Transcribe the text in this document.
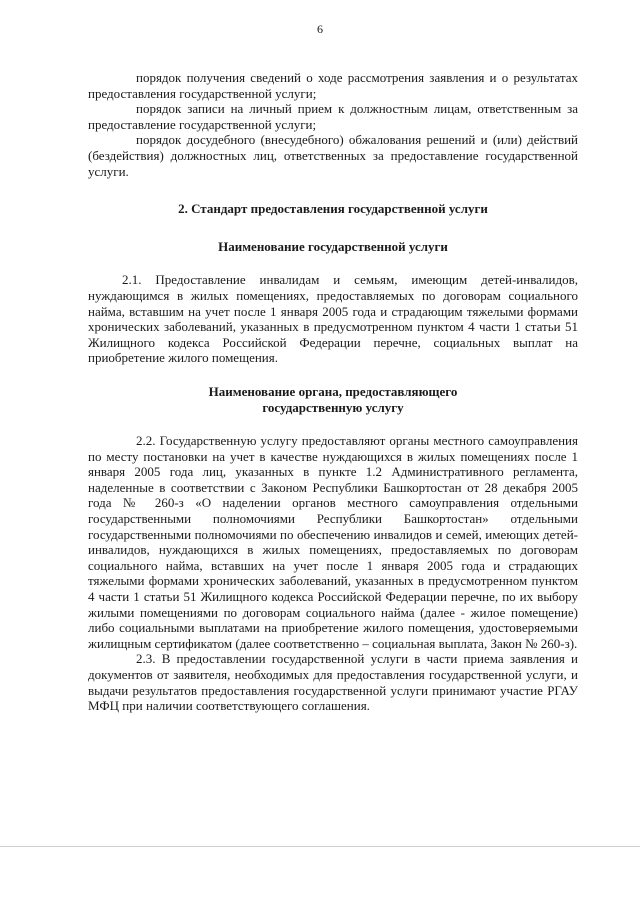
6

порядок получения сведений о ходе рассмотрения заявления и о результатах предоставления государственной услуги;

порядок записи на личный прием к должностным лицам, ответственным за предоставление государственной услуги;

порядок досудебного (внесудебного) обжалования решений и (или) действий (бездействия) должностных лиц, ответственных за предоставление государственной услуги.

2. Стандарт предоставления государственной услуги
Наименование государственной услуги

2.1. Предоставление инвалидам и семьям, имеющим детей-инвалидов, нуждающимся в жилых помещениях, предоставляемых по договорам социального найма, вставшим на учет после 1 января 2005 года и страдающим тяжелыми формами хронических заболеваний, указанных в предусмотренном пунктом 4 части 1 статьи 51 Жилищного кодекса Российской Федерации перечне, социальных выплат на приобретение жилого помещения.

Наименование органа, предоставляющего
государственную услугу

2.2. Государственную услугу предоставляют органы местного самоуправления по месту постановки на учет в качестве нуждающихся в жилых помещениях после 1 января 2005 года лиц, указанных в пункте 1.2 Административного регламента, наделенные в соответствии с Законом Республики Башкортостан от 28 декабря 2005 года № 260-з «О наделении органов местного самоуправления отдельными государственными полномочиями Республики Башкортостан» отдельными государственными полномочиями по обеспечению инвалидов и семей, имеющих детей-инвалидов, нуждающихся в жилых помещениях, предоставляемых по договорам социального найма, вставших на учет после 1 января 2005 года и страдающих тяжелыми формами хронических заболеваний, указанных в предусмотренном пунктом 4 части 1 статьи 51 Жилищного кодекса Российской Федерации перечне, по их выбору жилыми помещениями по договорам социального найма (далее - жилое помещение) либо социальными выплатами на приобретение жилого помещения, удостоверяемыми жилищным сертификатом (далее соответственно – социальная выплата, Закон № 260-з).

2.3. В предоставлении государственной услуги в части приема заявления и документов от заявителя, необходимых для предоставления государственной услуги, и выдачи результатов предоставления государственной услуги принимают участие РГАУ МФЦ при наличии соответствующего соглашения.
